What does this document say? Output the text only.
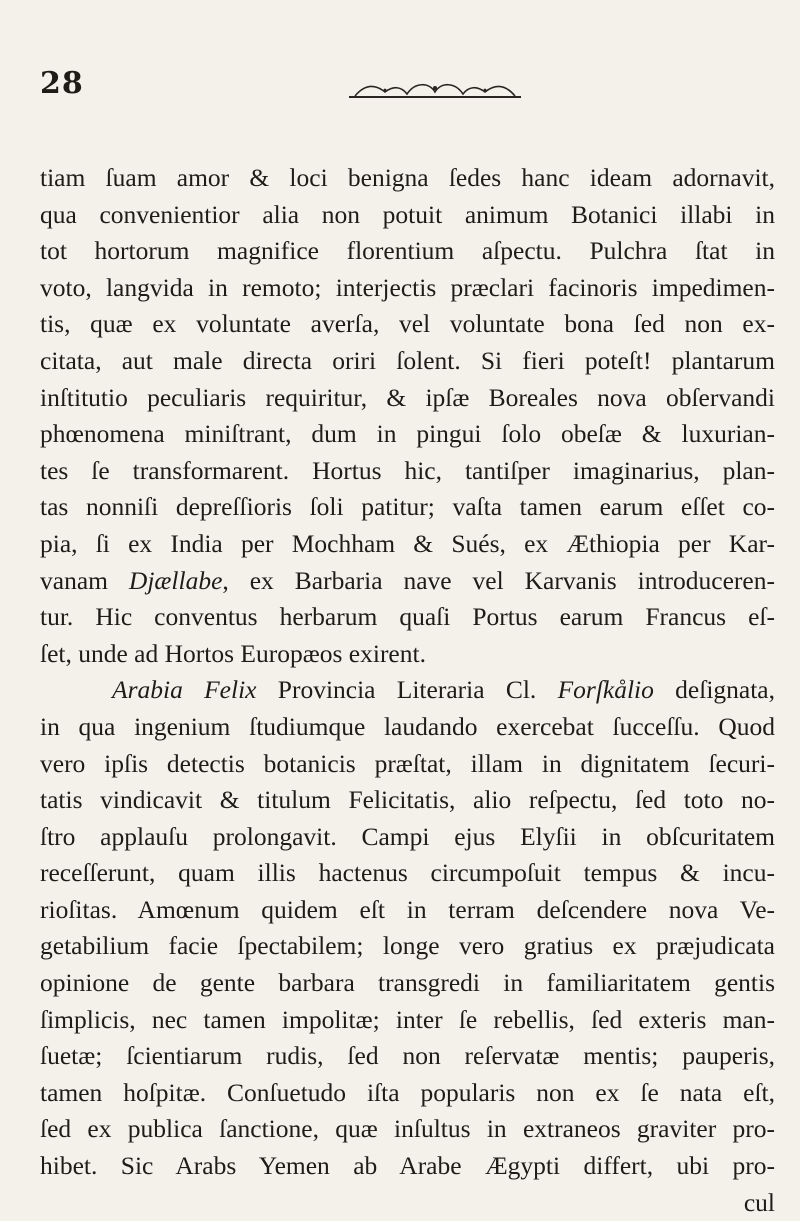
28
tiam ſuam amor & loci benigna ſedes hanc ideam adornavit,
qua convenientior alia non potuit animum Botanici illabi in
tot hortorum magnifice florentium aſpectu. Pulchra ſtat in
voto, langvida in remoto; interjectis præclari facinoris impedimen-
tis, quæ ex voluntate averſa, vel voluntate bona ſed non ex-
citata, aut male directa oriri ſolent. Si fieri poteſt! plantarum
inſtitutio peculiaris requiritur, & ipſæ Boreales nova obſervandi
phœnomena miniſtrant, dum in pingui ſolo obeſæ & luxurian-
tes ſe transformarent. Hortus hic, tantiſper imaginarius, plan-
tas nonniſi depreſſioris ſoli patitur; vaſta tamen earum eſſet co-
pia, ſi ex India per Mochham & Sués, ex Æthiopia per Kar-
vanam Djællabe, ex Barbaria nave vel Karvanis introduceren-
tur. Hic conventus herbarum quaſi Portus earum Francus eſ-
ſet, unde ad Hortos Europæos exirent.
Arabia Felix Provincia Literaria Cl. Forſkålio deſignata,
in qua ingenium ſtudiumque laudando exercebat ſucceſſu. Quod
vero ipſis detectis botanicis præſtat, illam in dignitatem ſecuri-
tatis vindicavit & titulum Felicitatis, alio reſpectu, ſed toto no-
ſtro applauſu prolongavit. Campi ejus Elyſii in obſcuritatem
receſſerunt, quam illis hactenus circumpoſuit tempus & incu-
rioſitas. Amœnum quidem eſt in terram deſcendere nova Ve-
getabilium facie ſpectabilem; longe vero gratius ex præjudicata
opinione de gente barbara transgredi in familiaritatem gentis
ſimplicis, nec tamen impolitæ; inter ſe rebellis, ſed exteris man-
ſuetæ; ſcientiarum rudis, ſed non reſervatæ mentis; pauperis,
tamen hoſpitæ. Conſuetudo iſta popularis non ex ſe nata eſt,
ſed ex publica ſanctione, quæ inſultus in extraneos graviter pro-
hibet. Sic Arabs Yemen ab Arabe Ægypti differt, ubi pro-
cul
